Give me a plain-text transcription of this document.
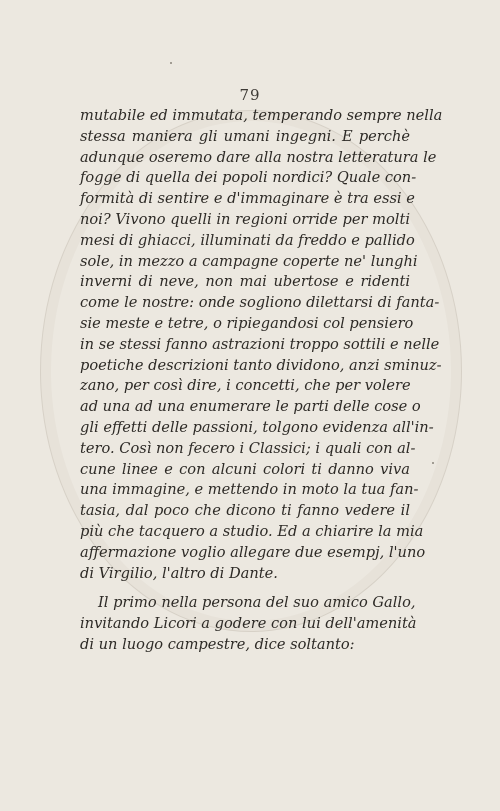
79
mutabile ed immutata, temperando sempre nella
stessa maniera gli umani ingegni. E perchè
adunque oseremo dare alla nostra letteratura le
fogge di quella dei popoli nordici? Quale con-
formità di sentire e d'immaginare è tra essi e
noi? Vivono quelli in regioni orride per molti
mesi di ghiacci, illuminati da freddo e pallido
sole, in mezzo a campagne coperte ne' lunghi
inverni di neve, non mai ubertose e ridenti
come le nostre: onde sogliono dilettarsi di fanta-
sie meste e tetre, o ripiegandosi col pensiero
in se stessi fanno astrazioni troppo sottili e nelle
poetiche descrizioni tanto dividono, anzi sminuz-
zano, per così dire, i concetti, che per volere
ad una ad una enumerare le parti delle cose o
gli effetti delle passioni, tolgono evidenza all'in-
tero. Così non fecero i Classici; i quali con al-
cune linee e con alcuni colori ti danno viva
una immagine, e mettendo in moto la tua fan-
tasia, dal poco che dicono ti fanno vedere il
più che tacquero a studio. Ed a chiarire la mia
affermazione voglio allegare due esempj, l'uno
di Virgilio, l'altro di Dante.
Il primo nella persona del suo amico Gallo,
invitando Licori a godere con lui dell'amenità
di un luogo campestre, dice soltanto:
